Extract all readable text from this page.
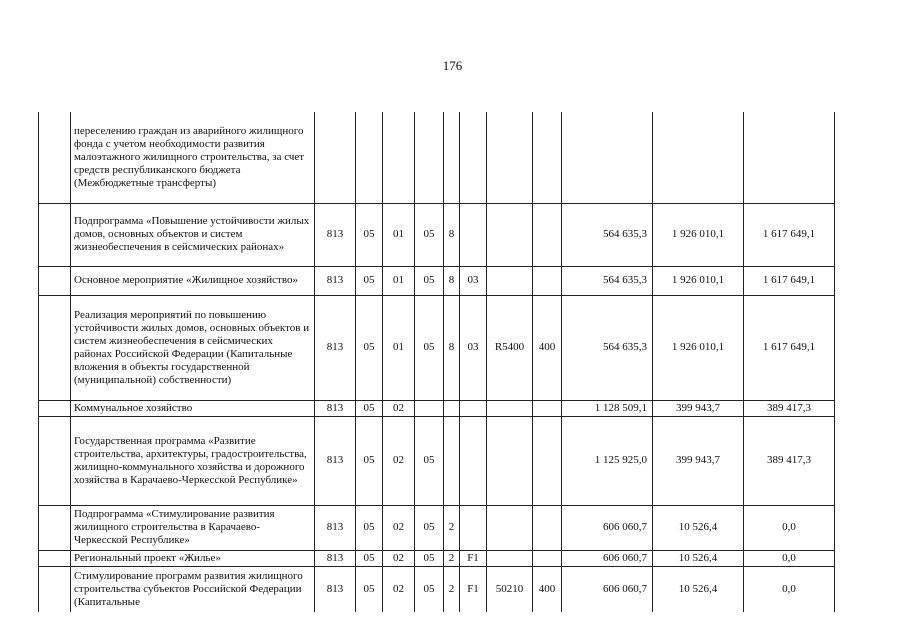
176
	переселению граждан из аварийного жилищного фонда с учетом необходимости развития малоэтажного жилищного строительства, за счет средств республиканского бюджета (Межбюджетные трансферты)											
	Подпрограмма «Повышение устойчивости жилых домов, основных объектов и систем жизнеобеспечения в сейсмических районах»	813	05	01	05	8				564 635,3	1 926 010,1	1 617 649,1
	Основное мероприятие «Жилищное хозяйство»	813	05	01	05	8	03			564 635,3	1 926 010,1	1 617 649,1
	Реализация мероприятий по повышению устойчивости жилых домов, основных объектов и систем жизнеобеспечения в сейсмических районах Российской Федерации (Капитальные вложения в объекты государственной (муниципальной) собственности)	813	05	01	05	8	03	R5400	400	564 635,3	1 926 010,1	1 617 649,1
	Коммунальное хозяйство	813	05	02						1 128 509,1	399 943,7	389 417,3
	Государственная программа «Развитие строительства, архитектуры, градостроительства, жилищно-коммунального хозяйства и дорожного хозяйства в Карачаево-Черкесской Республике»	813	05	02	05					1 125 925,0	399 943,7	389 417,3
	Подпрограмма «Стимулирование развития жилищного строительства в Карачаево-Черкесской Республике»	813	05	02	05	2				606 060,7	10 526,4	0,0
	Региональный проект «Жилье»	813	05	02	05	2	F1			606 060,7	10 526,4	0,0
	Стимулирование программ развития жилищного строительства субъектов Российской Федерации (Капитальные	813	05	02	05	2	F1	50210	400	606 060,7	10 526,4	0,0
